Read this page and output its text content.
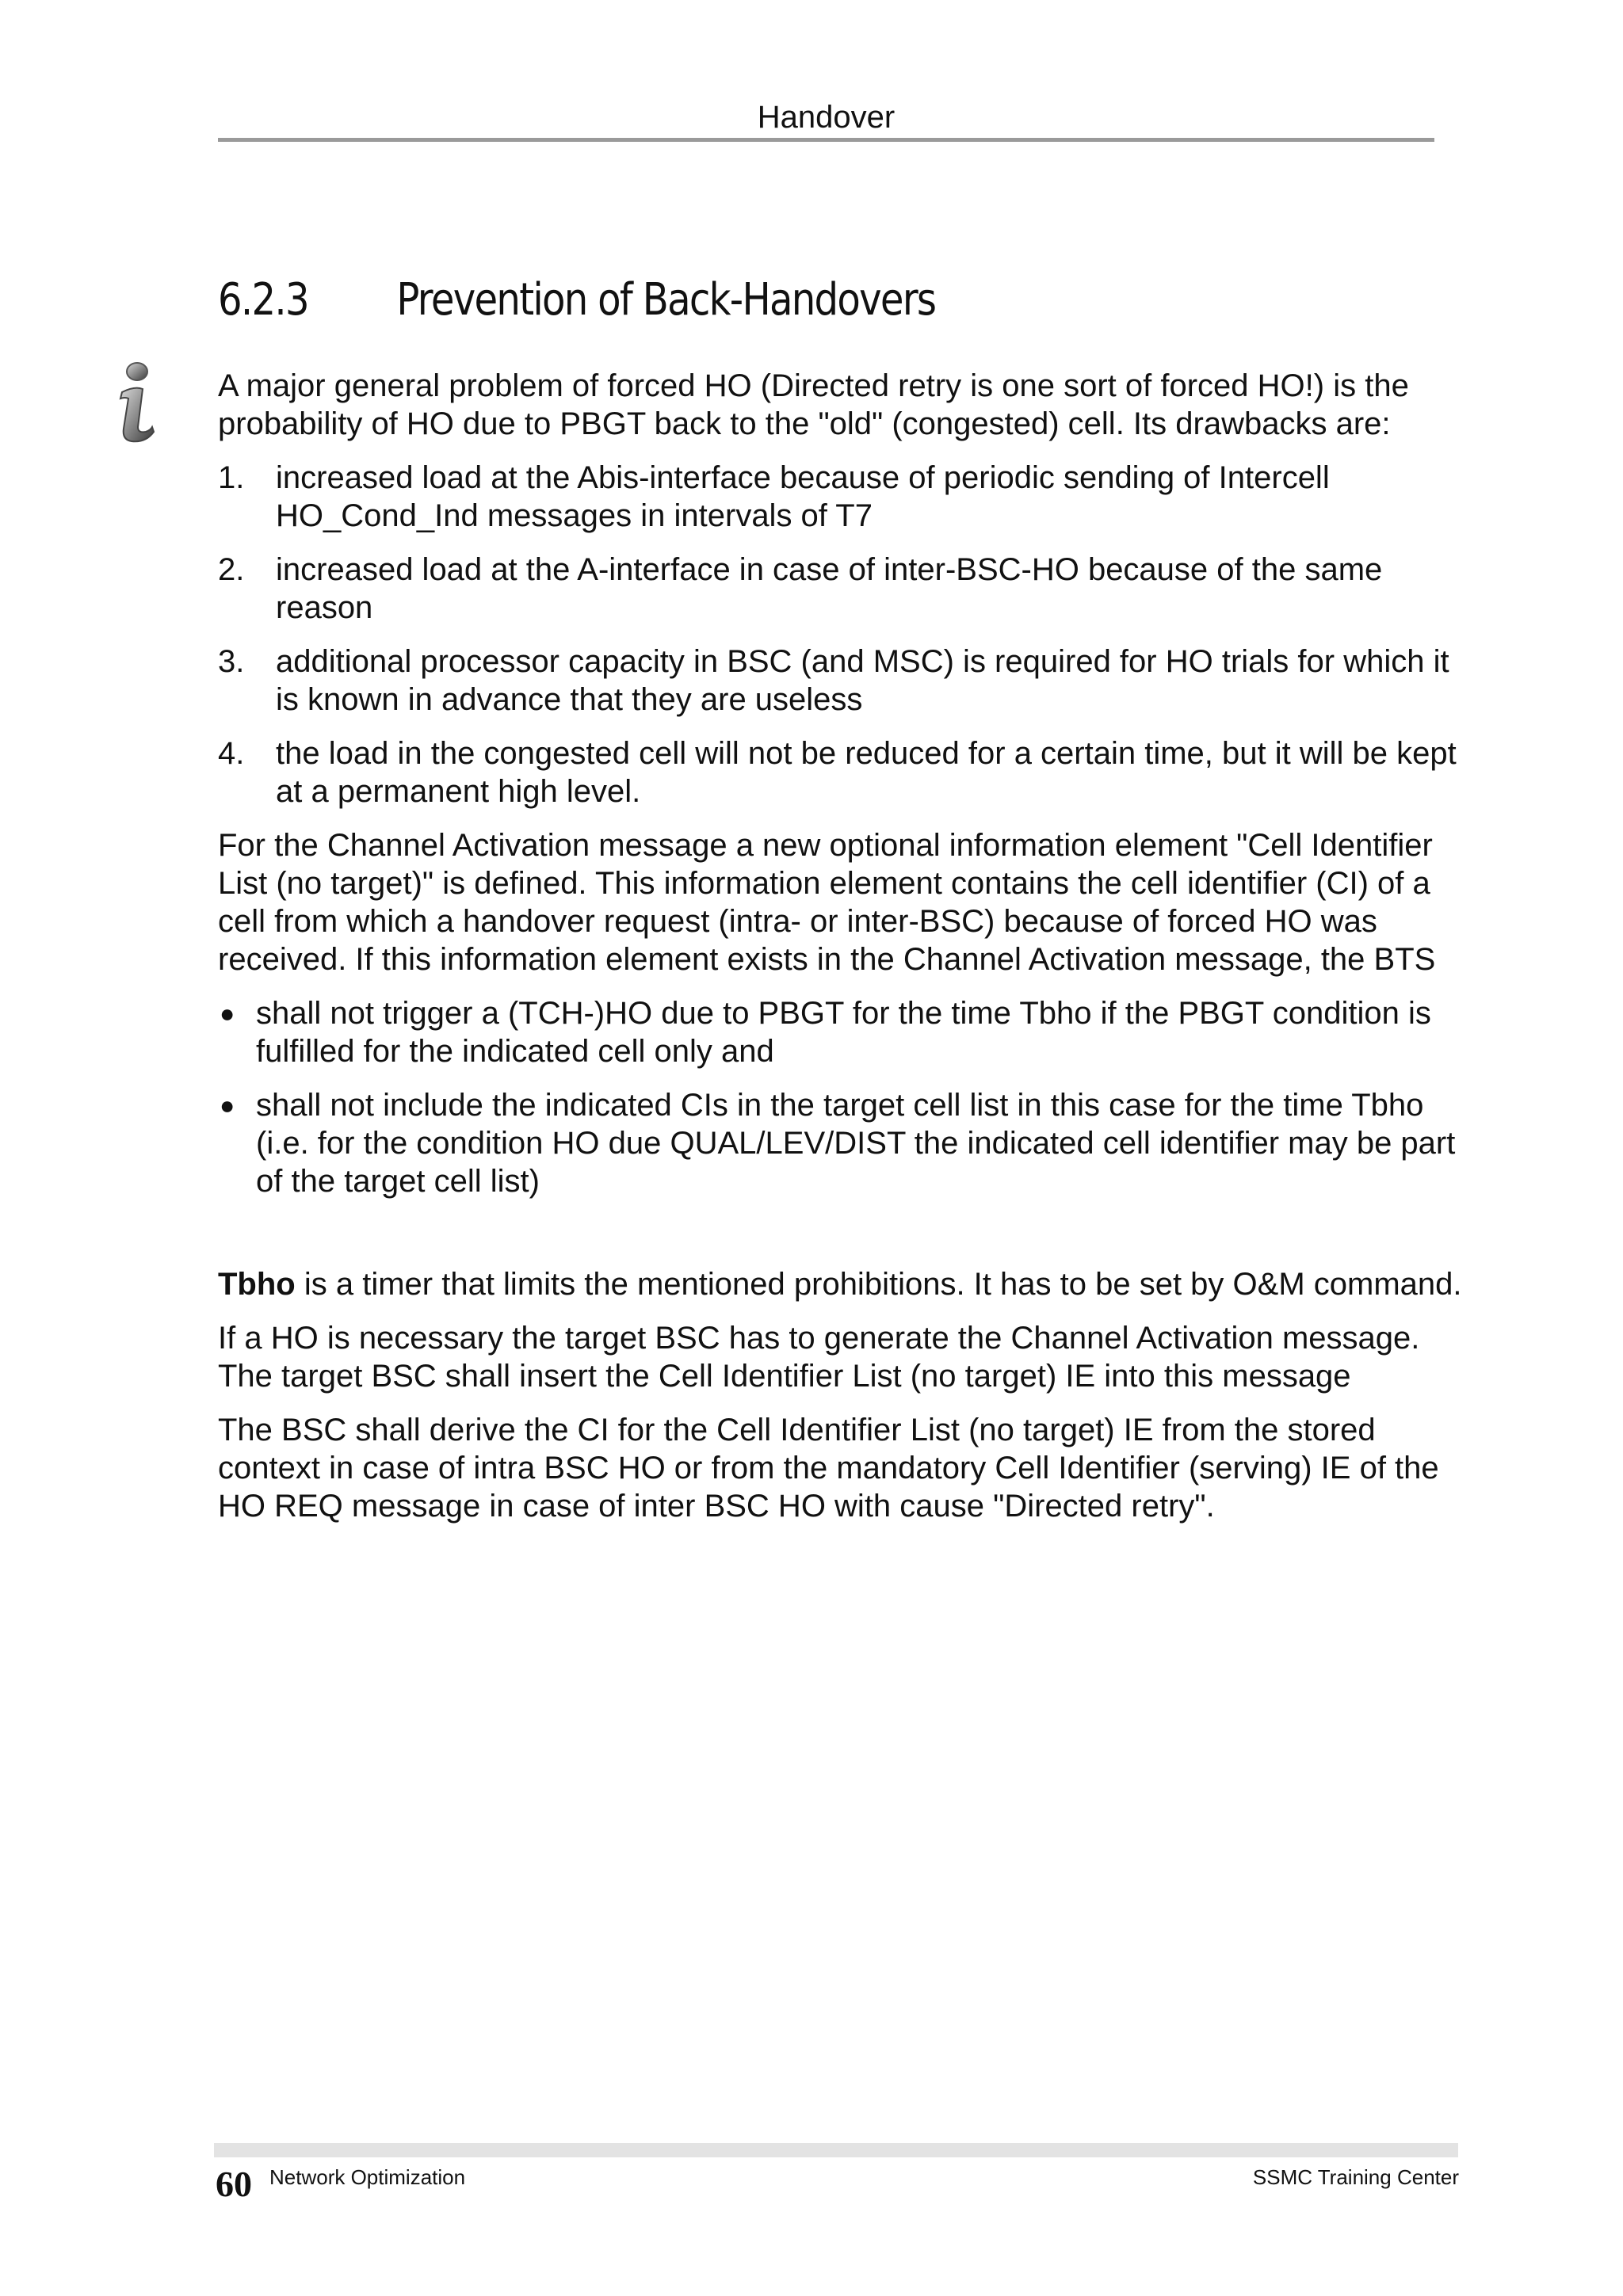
Handover
6.2.3 Prevention of Back-Handovers

A major general problem of forced HO (Directed retry is one sort of forced HO!) is the probability of HO due to PBGT back to the "old" (congested) cell. Its drawbacks are:

1. increased load at the Abis-interface because of periodic sending of Intercell HO_Cond_Ind messages in intervals of T7
2. increased load at the A-interface in case of inter-BSC-HO because of the same reason
3. additional processor capacity in BSC (and MSC) is required for HO trials for which it is known in advance that they are useless
4. the load in the congested cell will not be reduced for a certain time, but it will be kept at a permanent high level.

For the Channel Activation message a new optional information element "Cell Identifier List (no target)" is defined. This information element contains the cell identifier (CI) of a cell from which a handover request (intra- or inter-BSC) because of forced HO was received. If this information element exists in the Channel Activation message, the BTS

● shall not trigger a (TCH-)HO due to PBGT for the time Tbho if the PBGT condition is fulfilled for the indicated cell only and
● shall not include the indicated CIs in the target cell list in this case for the time Tbho (i.e. for the condition HO due QUAL/LEV/DIST the indicated cell identifier may be part of the target cell list)

Tbho is a timer that limits the mentioned prohibitions. It has to be set by O&M command.

If a HO is necessary the target BSC has to generate the Channel Activation message. The target BSC shall insert the Cell Identifier List (no target) IE into this message

The BSC shall derive the CI for the Cell Identifier List (no target) IE from the stored context in case of intra BSC HO or from the mandatory Cell Identifier (serving) IE of the HO REQ message in case of inter BSC HO with cause "Directed retry".

60 Network Optimization	SSMC Training Center
